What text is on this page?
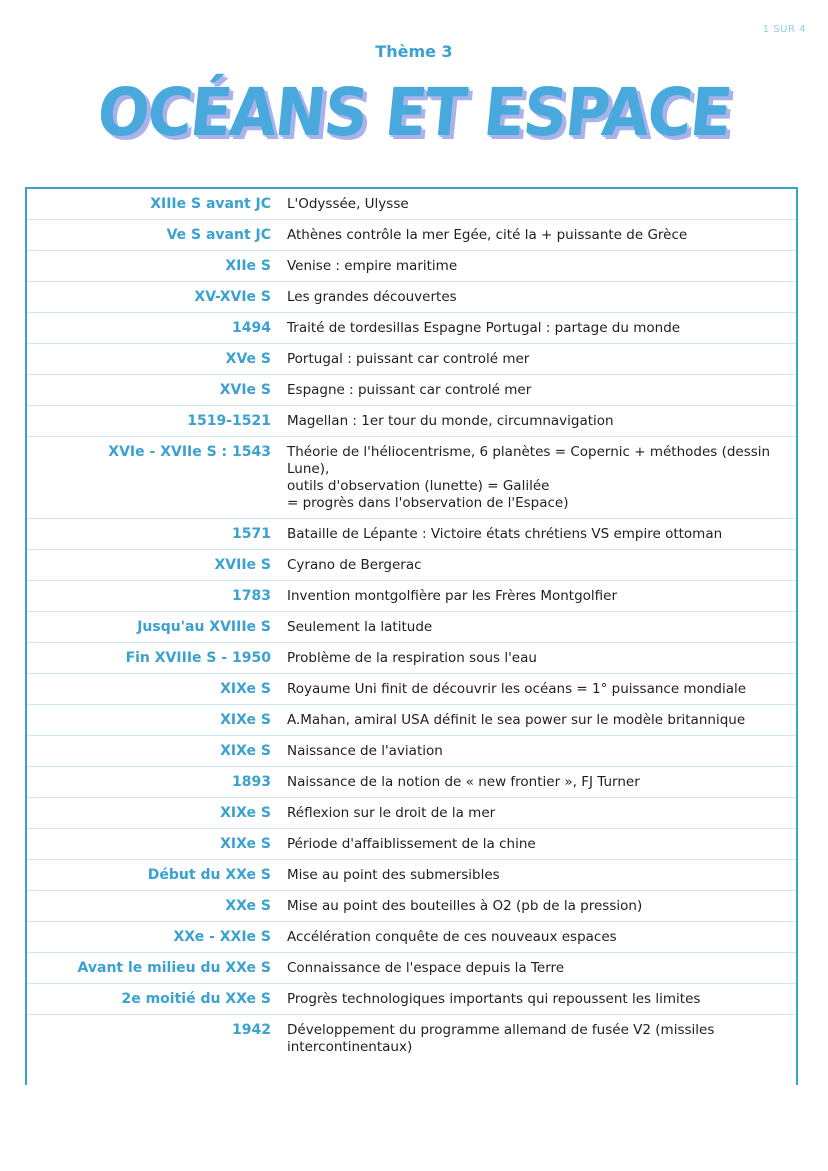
1 SUR 4
Thème 3
OCÉANS ET ESPACE
XIIIe S avant JC	L'Odyssée, Ulysse
Ve S avant JC	Athènes contrôle la mer Egée, cité la + puissante de Grèce
XIIe S	Venise : empire maritime
XV-XVIe S	Les grandes découvertes
1494	Traité de tordesillas Espagne Portugal : partage du monde
XVe S	Portugal : puissant car controlé mer
XVIe S	Espagne : puissant car controlé mer
1519-1521	Magellan : 1er tour du monde, circumnavigation
XVIe - XVIIe S : 1543	Théorie de l'héliocentrisme, 6 planètes = Copernic + méthodes (dessin Lune),
outils d'observation (lunette) = Galilée
= progrès dans l'observation de l'Espace)
1571	Bataille de Lépante : Victoire états chrétiens VS empire ottoman
XVIIe S	Cyrano de Bergerac
1783	Invention montgolfière par les Frères Montgolfier
Jusqu'au XVIIIe S	Seulement la latitude
Fin XVIIIe S - 1950	Problème de la respiration sous l'eau
XIXe S	Royaume Uni finit de découvrir les océans = 1° puissance mondiale
XIXe S	A.Mahan, amiral USA définit le sea power sur le modèle britannique
XIXe S	Naissance de l'aviation
1893	Naissance de la notion de « new frontier », FJ Turner
XIXe S	Réflexion sur le droit de la mer
XIXe S	Période d'affaiblissement de la chine
Début du XXe S	Mise au point des submersibles
XXe S	Mise au point des bouteilles à O2 (pb de la pression)
XXe - XXIe S	Accélération conquête de ces nouveaux espaces
Avant le milieu du XXe S	Connaissance de l'espace depuis la Terre
2e moitié du XXe S	Progrès technologiques importants qui repoussent les limites
1942	Développement du programme allemand de fusée V2 (missiles
intercontinentaux)
